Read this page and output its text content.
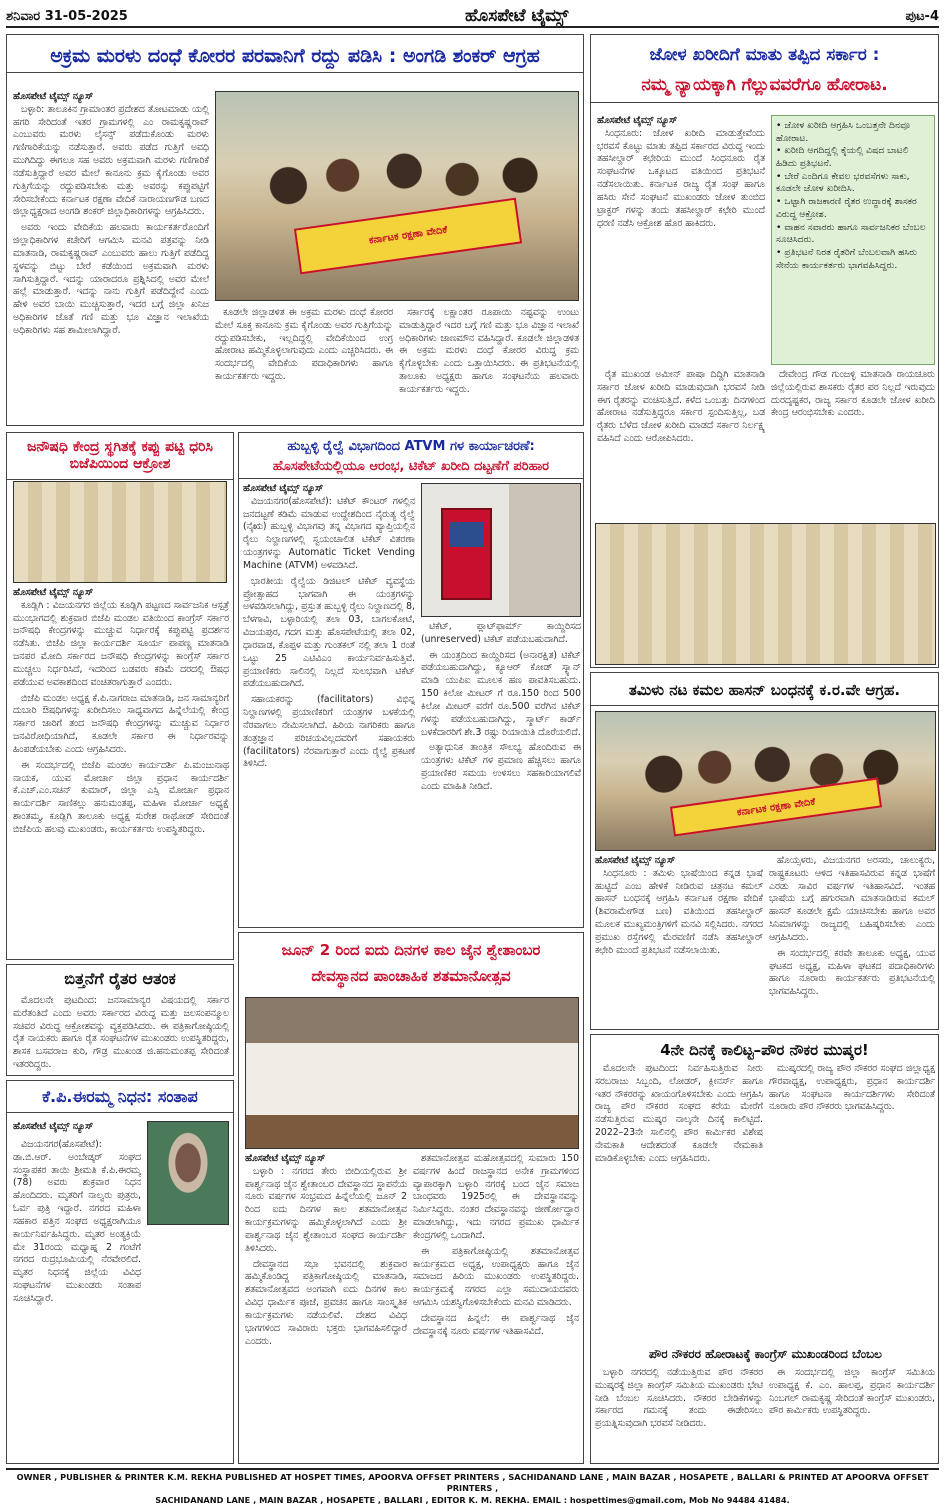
ಶನಿವಾರ 31-05-2025	ಹೊಸಪೇಟೆ ಟೈಮ್ಸ್	ಪುಟ-4
ಅಕ್ರಮ ಮರಳು ದಂಧೆ ಕೋರರ ಪರವಾನಿಗೆ ರದ್ದು ಪಡಿಸಿ : ಅಂಗಡಿ ಶಂಕರ್ ಆಗ್ರಹ
ಹೊಸಪೇಟೆ ಟೈಮ್ಸ್ ನ್ಯೂಸ್

ಬಳ್ಳಾರಿ: ತಾಲೂಕಿನ ಗ್ರಾಮಾಂತರ ಪ್ರದೇಶದ ತೋಟಮಾಡು ಯಲ್ಲಿ ಹಗರಿ ಸೇರಿದಂತೆ ಇತರ ಗ್ರಾಮಗಳಲ್ಲಿ ಎಂ ರಾಮಕೃಷ್ಣರಾವ್ ಎಂಬುವರು ಮರಳು ಲೈಸನ್ಸ್ ಪಡೆದುಕೊಂಡು ಮರಳು ಗಣಿಗಾರಿಕೆಯನ್ನು ನಡೆಸುತ್ತಾರೆ. ಅವರು ಪಡೆದ ಗುತ್ತಿಗೆ ಅವಧಿ ಮುಗಿದಿದ್ದು ಈಗಲೂ ಸಹ ಅವರು ಅಕ್ರಮವಾಗಿ ಮರಳು ಗಣಿಗಾರಿಕೆ ನಡೆಸುತ್ತಿದ್ದಾರೆ ಅವರ ಮೇಲೆ ಕಾನೂನು ಕ್ರಮ ಕೈಗೊಂಡು ಅವರ ಗುತ್ತಿಗೆಯನ್ನು ರದ್ದುಪಡಿಸಬೇಕು ಮತ್ತು ಅವರನ್ನು ಕಪ್ಪುಪಟ್ಟಿಗೆ ಸೇರಿಸಬೇಕೆಂದು ಕರ್ನಾಟಕ ರಕ್ಷಣಾ ವೇದಿಕೆ ನಾರಾಯಣಗೌಡ ಬಣದ ಜಿಲ್ಲಾಧ್ಯಕ್ಷರಾದ ಅಂಗಡಿ ಶಂಕರ್ ಜಿಲ್ಲಾಧಿಕಾರಿಗಳನ್ನು ಆಗ್ರಹಿಸಿದರು.

ಅವರು ಇಂದು ವೇದಿಕೆಯ ಹಲವಾರು ಕಾರ್ಯಕರ್ತರೊಂದಿಗೆ ಜಿಲ್ಲಾಧಿಕಾರಿಗಳ ಕಚೇರಿಗೆ ಆಗಮಿಸಿ ಮನವಿ ಪತ್ರವನ್ನು ನೀಡಿ ಮಾತನಾಡಿ, ರಾಮಕೃಷ್ಣರಾವ್ ಎಂಬುವರು ಹಾಲು ಗುತ್ತಿಗೆ ಪಡೆದಿದ್ದ ಸ್ಥಳವನ್ನು ಬಿಟ್ಟು ಬೇರೆ ಕಡೆಯಿಂದ ಅಕ್ರಮವಾಗಿ ಮರಳು ಸಾಗಿಸುತ್ತಿದ್ದಾರೆ. ಇದನ್ನು ಯಾರಾದರೂ ಪ್ರಶ್ನಿಸಿದಲ್ಲಿ ಅವರ ಮೇಲೆ ಹಲ್ಲೆ ಮಾಡುತ್ತಾರೆ. ಇದನ್ನು ನಾನು ಗುತ್ತಿಗೆ ಪಡೆದಿದ್ದೇನೆ ಎಂದು ಹೇಳಿ ಅವರ ಬಾಯಿ ಮುಚ್ಚಿಸುತ್ತಾರೆ, ಇದರ ಬಗ್ಗೆ ಜಿಲ್ಲಾ ಖನಿಜ ಅಧಿಕಾರಿಗಳ ಜೊತೆ ಗಣಿ ಮತ್ತು ಭೂ ವಿಜ್ಞಾನ ಇಲಾಖೆಯ ಅಧಿಕಾರಿಗಳು ಸಹ ಶಾಮೀಲಾಗಿದ್ದಾರೆ.

ಕರ್ನಾಟಕ ರಕ್ಷಣಾ ವೇದಿಕೆ

ಕೂಡಲೇ ಜಿಲ್ಲಾಡಳಿತ ಈ ಅಕ್ರಮ ಮರಳು ದಂಧೆ ಕೋರರ ಮೇಲೆ ಸೂಕ್ತ ಕಾನೂನು ಕ್ರಮ ಕೈಗೊಂಡು ಅವರ ಗುತ್ತಿಗೆಯನ್ನು ರದ್ದುಪಡಿಸಬೇಕು, ಇಲ್ಲದಿದ್ದಲ್ಲಿ ವೇದಿಕೆಯಿಂದ ಉಗ್ರ ಹೋರಾಟ ಹಮ್ಮಿಕೊಳ್ಳಲಾಗುವುದು ಎಂದು ಎಚ್ಚರಿಸಿದರು. ಈ ಸಂದರ್ಭದಲ್ಲಿ ವೇದಿಕೆಯ ಪದಾಧಿಕಾರಿಗಳು ಹಾಗೂ ಕಾರ್ಯಕರ್ತರು ಇದ್ದರು.

ಸರ್ಕಾರಕ್ಕೆ ಲಕ್ಷಾಂತರ ರೂಪಾಯಿ ನಷ್ಟವನ್ನು ಉಂಟು ಮಾಡುತ್ತಿದ್ದಾರೆ ಇದರ ಬಗ್ಗೆ ಗಣಿ ಮತ್ತು ಭೂ ವಿಜ್ಞಾನ ಇಲಾಖೆ ಅಧಿಕಾರಿಗಳು ಜಾಣಮೌನ ವಹಿಸಿದ್ದಾರೆ. ಕೂಡಲೇ ಜಿಲ್ಲಾಡಳಿತ ಈ ಅಕ್ರಮ ಮರಳು ದಂಧೆ ಕೋರರ ವಿರುದ್ಧ ಕ್ರಮ ಕೈಗೊಳ್ಳಬೇಕು ಎಂದು ಒತ್ತಾಯಿಸಿದರು. ಈ ಪ್ರತಿಭಟನೆಯಲ್ಲಿ ತಾಲೂಕು ಅಧ್ಯಕ್ಷರು ಹಾಗೂ ಸಂಘಟನೆಯ ಹಲವಾರು ಕಾರ್ಯಕರ್ತರು ಇದ್ದರು.

ಜೋಳ ಖರೀದಿಗೆ ಮಾತು ತಪ್ಪಿದ ಸರ್ಕಾರ :
ನಮ್ಮ ನ್ಯಾಯಕ್ಕಾಗಿ ಗೆಲ್ಲುವವರೆಗೂ ಹೋರಾಟ.
ಹೊಸಪೇಟೆ ಟೈಮ್ಸ್ ನ್ಯೂಸ್

ಸಿಂಧನೂರು: ಜೋಳ ಖರೀದಿ ಮಾಡುತ್ತೇವೆಂದು ಭರವಸೆ ಕೊಟ್ಟು ಮಾತು ತಪ್ಪಿದ ಸರ್ಕಾರದ ವಿರುದ್ಧ ಇಂದು ತಹಸೀಲ್ದಾರ್ ಕಛೇರಿಯ ಮುಂದೆ ಸಿಂಧನೂರು ರೈತ ಸಂಘಟನೆಗಳ ಒಕ್ಕೂಟದ ವತಿಯಿಂದ ಪ್ರತಿಭಟನೆ ನಡೆಸಲಾಯಿತು. ಕರ್ನಾಟಕ ರಾಜ್ಯ ರೈತ ಸಂಘ ಹಾಗೂ ಹಸಿರು ಸೇನೆ ಸಂಘಟನೆ ಮುಖಂಡರು ಜೋಳ ತುಂಬಿದ ಟ್ರಾಕ್ಟರ್ ಗಳನ್ನು ತಂದು ತಹಸೀಲ್ದಾರ್ ಕಛೇರಿ ಮುಂದೆ ಧರಣಿ ನಡೆಸಿ ಆಕ್ರೋಶ ಹೊರ ಹಾಕಿದರು.

• ಜೋಳ ಖರೀದಿ ಆಗ್ರಹಿಸಿ ಒಂಬತ್ತನೇ ದಿನವೂ ಹೋರಾಟ.
• ಖರೀದಿ ಆಗದಿದ್ದಲ್ಲಿ ಕೈಯಲ್ಲಿ ವಿಷದ ಬಾಟಲಿ ಹಿಡಿದು ಪ್ರತಿಭಟನೆ.
• ಬೇರೆ ಎಂದಿಗೂ ಕೇವಲ ಭರವಸೆಗಳು ಸಾಕು, ಕೂಡಲೇ ಜೋಳ ಖರೀದಿಸಿ.
• ಒಟ್ಟಾಗಿ ರಾಜಕಾರಣಿ ರೈತರ ಉದ್ಧಾರಕ್ಕೆ ಶಾಸಕರ ವಿರುದ್ಧ ಆಕ್ರೋಶ.
• ವಾಹನ ಸವಾರರು ಹಾಗೂ ಸಾರ್ವಜನಿಕರ ಬೆಂಬಲ ಸೂಚಿಸಿದರು.
• ಪ್ರತಿಭಟನೆ ನಿರತ ರೈತರಿಗೆ ಬೆಂಬಲವಾಗಿ ಹಸಿರು ಸೇನೆಯ ಕಾರ್ಯಕರ್ತರು ಭಾಗವಹಿಸಿದ್ದರು.

ರೈತ ಮುಖಂಡ ಅಮೀನ್ ಪಾಷಾ ದಿದ್ದಿಗಿ ಮಾತನಾಡಿ ಸರ್ಕಾರ ಜೋಳ ಖರೀದಿ ಮಾಡುವುದಾಗಿ ಭರವಸೆ ನೀಡಿ ಈಗ ರೈತರನ್ನು ವಂಚಿಸುತ್ತಿದೆ. ಕಳೆದ ಒಂಬತ್ತು ದಿನಗಳಿಂದ ಹೋರಾಟ ನಡೆಸುತ್ತಿದ್ದರೂ ಸರ್ಕಾರ ಸ್ಪಂದಿಸುತ್ತಿಲ್ಲ, ಬಡ ರೈತರು ಬೆಳೆದ ಜೋಳ ಖರೀದಿ ಮಾಡದೆ ಸರ್ಕಾರ ನಿರ್ಲಕ್ಷ್ಯ ವಹಿಸಿದೆ ಎಂದು ಆರೋಪಿಸಿದರು.

ದೇವೇಂದ್ರ ಗೌಡ ಗುಂಜಳ್ಳಿ ಮಾತನಾಡಿ ರಾಯಚೂರು ಜಿಲ್ಲೆಯಲ್ಲಿರುವ ಶಾಸಕರು ರೈತರ ಪರ ನಿಲ್ಲದೆ ಇರುವುದು ದುರದೃಷ್ಟಕರ, ರಾಜ್ಯ ಸರ್ಕಾರ ಕೂಡಲೇ ಜೋಳ ಖರೀದಿ ಕೇಂದ್ರ ಆರಂಭಿಸಬೇಕು ಎಂದರು.

ಜನೌಷಧಿ ಕೇಂದ್ರ ಸ್ಥಗಿತಕ್ಕೆ ಕಪ್ಪು ಪಟ್ಟಿ ಧರಿಸಿ ಬಿಜೆಪಿಯಿಂದ ಆಕ್ರೋಶ
ಹೊಸಪೇಟೆ ಟೈಮ್ಸ್ ನ್ಯೂಸ್

ಕೂಡ್ಲಿಗಿ : ವಿಜಯನಗರ ಜಿಲ್ಲೆಯ ಕೂಡ್ಲಿಗಿ ಪಟ್ಟಣದ ಸಾರ್ವಜನಿಕ ಆಸ್ಪತ್ರೆ ಮುಂಭಾಗದಲ್ಲಿ ಶುಕ್ರವಾರ ಬಿಜೆಪಿ ಮಂಡಲ ವತಿಯಿಂದ ಕಾಂಗ್ರೆಸ್ ಸರ್ಕಾರ ಜನೌಷಧಿ ಕೇಂದ್ರಗಳನ್ನು ಮುಚ್ಚುವ ನಿರ್ಧಾರಕ್ಕೆ ಕಪ್ಪುಪಟ್ಟಿ ಪ್ರದರ್ಶನ ನಡೆಸಿತು. ಬಿಜೆಪಿ ಜಿಲ್ಲಾ ಕಾರ್ಯದರ್ಶಿ ಸೂರ್ಯ ಪಾಪಣ್ಣ ಮಾತನಾಡಿ ಜನಪರ ಮೋದಿ ಸರ್ಕಾರದ ಜನೌಷಧಿ ಕೇಂದ್ರಗಳನ್ನು ಕಾಂಗ್ರೆಸ್ ಸರ್ಕಾರ ಮುಚ್ಚಲು ನಿರ್ಧರಿಸಿದೆ, ಇದರಿಂದ ಬಡವರು ಕಡಿಮೆ ದರದಲ್ಲಿ ಔಷಧ ಪಡೆಯುವ ಅವಕಾಶದಿಂದ ವಂಚಿತರಾಗುತ್ತಾರೆ ಎಂದರು.

ಬಿಜೆಪಿ ಮಂಡಲ ಅಧ್ಯಕ್ಷ ಕೆ.ಪಿ.ನಾಗರಾಜ ಮಾತನಾಡಿ, ಜನ ಸಾಮಾನ್ಯರಿಗೆ ದುಬಾರಿ ಔಷಧಿಗಳನ್ನು ಖರೀದಿಸಲು ಸಾಧ್ಯವಾಗದ ಹಿನ್ನೆಲೆಯಲ್ಲಿ ಕೇಂದ್ರ ಸರ್ಕಾರ ಜಾರಿಗೆ ತಂದ ಜನೌಷಧಿ ಕೇಂದ್ರಗಳನ್ನು ಮುಚ್ಚುವ ನಿರ್ಧಾರ ಜನವಿರೋಧಿಯಾಗಿದೆ, ಕೂಡಲೇ ಸರ್ಕಾರ ಈ ನಿರ್ಧಾರವನ್ನು ಹಿಂಪಡೆಯಬೇಕು ಎಂದು ಆಗ್ರಹಿಸಿದರು.

ಈ ಸಂದರ್ಭದಲ್ಲಿ ಬಿಜೆಪಿ ಮಂಡಲ ಕಾರ್ಯದರ್ಶಿ ಪಿ.ಮಂಜುನಾಥ ನಾಯಕ, ಯುವ ಮೋರ್ಚಾ ಜಿಲ್ಲಾ ಪ್ರಧಾನ ಕಾರ್ಯದರ್ಶಿ ಕೆ.ಎಚ್.ಎಂ.ಸಚಿನ್ ಕುಮಾರ್, ಜಿಲ್ಲಾ ಎಸ್ಸಿ ಮೋರ್ಚಾ ಪ್ರಧಾನ ಕಾರ್ಯದರ್ಶಿ ಸಾಣಿಕಲ್ಲು ಹನುಮಂತಪ್ಪ, ಮಹಿಳಾ ಮೋರ್ಚಾ ಅಧ್ಯಕ್ಷೆ ಶಾಂತಮ್ಮ, ಕೂಡ್ಲಿಗಿ ತಾಲೂಕು ಅಧ್ಯಕ್ಷ ಸುರೇಶ ರಾಥೋಡ್ ಸೇರಿದಂತೆ ಬಿಜೆಪಿಯ ಹಲವು ಮುಖಂಡರು, ಕಾರ್ಯಕರ್ತರು ಉಪಸ್ಥಿತರಿದ್ದರು.

ಹುಬ್ಬಳ್ಳಿ ರೈಲ್ವೆ ವಿಭಾಗದಿಂದ ATVM ಗಳ ಕಾರ್ಯಾಚರಣೆ:
ಹೊಸಪೇಟೆಯಲ್ಲಿಯೂ ಆರಂಭ, ಟಿಕೆಟ್ ಖರೀದಿ ದಟ್ಟಣೆಗೆ ಪರಿಹಾರ
ಹೊಸಪೇಟೆ ಟೈಮ್ಸ್ ನ್ಯೂಸ್

ವಿಜಯನಗರ(ಹೊಸಪೇಟೆ): ಟಿಕೆಟ್ ಕೌಂಟರ್ ಗಳಲ್ಲಿನ ಜನದಟ್ಟಣೆ ಕಡಿಮೆ ಮಾಡುವ ಉದ್ದೇಶದಿಂದ ನೈರುತ್ಯ ರೈಲ್ವೆ (ನೈಋ) ಹುಬ್ಬಳ್ಳಿ ವಿಭಾಗವು ತನ್ನ ವಿಭಾಗದ ವ್ಯಾಪ್ತಿಯಲ್ಲಿನ ರೈಲು ನಿಲ್ದಾಣಗಳಲ್ಲಿ ಸ್ವಯಂಚಾಲಿತ ಟಿಕೆಟ್ ವಿತರಣಾ ಯಂತ್ರಗಳನ್ನು Automatic Ticket Vending Machine (ATVM) ಅಳವಡಿಸಿದೆ.

ಭಾರತೀಯ ರೈಲ್ವೆಯ ಡಿಜಿಟಲ್ ಟಿಕೆಟ್ ವ್ಯವಸ್ಥೆಯ ಪ್ರೋತ್ಸಾಹದ ಭಾಗವಾಗಿ ಈ ಯಂತ್ರಗಳನ್ನು ಅಳವಡಿಸಲಾಗಿದ್ದು, ಪ್ರಸ್ತುತ ಹುಬ್ಬಳ್ಳಿ ರೈಲು ನಿಲ್ದಾಣದಲ್ಲಿ 8, ಬೆಳಗಾವಿ, ಬಳ್ಳಾರಿಯಲ್ಲಿ ತಲಾ 03, ಬಾಗಲಕೋಟೆ, ವಿಜಯಪುರ, ಗದಗ ಮತ್ತು ಹೊಸಪೇಟೆಯಲ್ಲಿ ತಲಾ 02, ಧಾರವಾಡ, ಕೊಪ್ಪಳ ಮತ್ತು ಗುಂತಕಲ್ ನಲ್ಲಿ ತಲಾ 1 ರಂತೆ ಒಟ್ಟು 25 ಎಟಿವಿಎಂ ಕಾರ್ಯನಿರ್ವಹಿಸುತ್ತಿವೆ. ಪ್ರಯಾಣಿಕರು ಸಾಲಿನಲ್ಲಿ ನಿಲ್ಲದೆ ಸುಲಭವಾಗಿ ಟಿಕೆಟ್ ಪಡೆಯಬಹುದಾಗಿದೆ.

ಸಹಾಯಕರನ್ನು (facilitators) ವಿಭಿನ್ನ ನಿಲ್ದಾಣಗಳಲ್ಲಿ ಪ್ರಯಾಣಿಕರಿಗೆ ಯಂತ್ರಗಳ ಬಳಕೆಯಲ್ಲಿ ನೆರವಾಗಲು ನೇಮಿಸಲಾಗಿದೆ. ಹಿರಿಯ ನಾಗರಿಕರು ಹಾಗೂ ತಂತ್ರಜ್ಞಾನ ಪರಿಚಯವಿಲ್ಲದವರಿಗೆ ಸಹಾಯಕರು (facilitators) ನೆರವಾಗುತ್ತಾರೆ ಎಂದು ರೈಲ್ವೆ ಪ್ರಕಟಣೆ ತಿಳಿಸಿದೆ.

ಟಿಕೆಟ್, ಪ್ಲಾಟ್‌ಫಾರ್ಮ್ ಕಾಯ್ದಿರಿಸದ (unreserved) ಟಿಕೆಟ್ ಪಡೆಯಬಹುದಾಗಿದೆ.

ಈ ಯಂತ್ರದಿಂದ ಕಾಯ್ದಿರಿಸದ (ಅನಾರಕ್ಷಿತ) ಟಿಕೆಟ್ ಪಡೆಯಬಹುದಾಗಿದ್ದು, ಕ್ಯೂಆರ್ ಕೋಡ್ ಸ್ಕ್ಯಾನ್ ಮಾಡಿ ಯುಪಿಐ ಮೂಲಕ ಹಣ ಪಾವತಿಸಬಹುದು. 150 ಕಿಲೋ ಮೀಟರ್ ಗೆ ರೂ.150 ರಿಂದ 500 ಕಿಲೋ ಮೀಟರ್ ವರೆಗೆ ರೂ.500 ವರೆಗಿನ ಟಿಕೆಟ್ ಗಳನ್ನು ಪಡೆಯಬಹುದಾಗಿದ್ದು, ಸ್ಮಾರ್ಟ್ ಕಾರ್ಡ್ ಬಳಕೆದಾರರಿಗೆ ಶೇ.3 ರಷ್ಟು ರಿಯಾಯಿತಿ ದೊರೆಯಲಿದೆ.

ಅತ್ಯಾಧುನಿಕ ತಾಂತ್ರಿಕ ಸೌಲಭ್ಯ ಹೊಂದಿರುವ ಈ ಯಂತ್ರಗಳು ಟಿಕೆಟ್ ಗಳ ಪ್ರಮಾಣ ಹೆಚ್ಚಿಸಲು ಹಾಗೂ ಪ್ರಯಾಣಿಕರ ಸಮಯ ಉಳಿಸಲು ಸಹಕಾರಿಯಾಗಲಿವೆ ಎಂದು ಮಾಹಿತಿ ನೀಡಿದೆ.

ಜೂನ್ 2 ರಿಂದ ಐದು ದಿನಗಳ ಕಾಲ ಜೈನ ಶ್ವೇತಾಂಬರ
ದೇವಸ್ಥಾನದ ಪಾಂಚಾಹಿಕ ಶತಮಾನೋತ್ಸವ
ಹೊಸಪೇಟೆ ಟೈಮ್ಸ್ ನ್ಯೂಸ್

ಬಳ್ಳಾರಿ : ನಗರದ ತೇರು ಬೀದಿಯಲ್ಲಿರುವ ಶ್ರೀ ಪಾರ್ಶ್ವನಾಥ ಜೈನ ಶ್ವೇತಾಂಬರ ದೇವಸ್ಥಾನದ ಸ್ಥಾಪನೆಯ ನೂರು ವರ್ಷಗಳ ಸಂಭ್ರಮದ ಹಿನ್ನೆಲೆಯಲ್ಲಿ ಜೂನ್ 2 ರಿಂದ ಐದು ದಿನಗಳ ಕಾಲ ಶತಮಾನೋತ್ಸವ ಕಾರ್ಯಕ್ರಮಗಳನ್ನು ಹಮ್ಮಿಕೊಳ್ಳಲಾಗಿದೆ ಎಂದು ಶ್ರೀ ಪಾರ್ಶ್ವನಾಥ ಜೈನ ಶ್ವೇತಾಂಬರ ಸಂಘದ ಕಾರ್ಯದರ್ಶಿ ತಿಳಿಸಿದರು.

ದೇವಸ್ಥಾನದ ಸಭಾ ಭವನದಲ್ಲಿ ಶುಕ್ರವಾರ ಹಮ್ಮಿಕೊಂಡಿದ್ದ ಪತ್ರಿಕಾಗೋಷ್ಠಿಯಲ್ಲಿ ಮಾತನಾಡಿ, ಶತಮಾನೋತ್ಸವದ ಅಂಗವಾಗಿ ಐದು ದಿನಗಳ ಕಾಲ ವಿವಿಧ ಧಾರ್ಮಿಕ ಪೂಜೆ, ಪ್ರವಚನ ಹಾಗೂ ಸಾಂಸ್ಕೃತಿಕ ಕಾರ್ಯಕ್ರಮಗಳು ನಡೆಯಲಿವೆ. ದೇಶದ ವಿವಿಧ ಭಾಗಗಳಿಂದ ಸಾವಿರಾರು ಭಕ್ತರು ಭಾಗವಹಿಸಲಿದ್ದಾರೆ ಎಂದರು.

ಶತಮಾನೋತ್ಸವ ಮಹೋತ್ಸವದಲ್ಲಿ ಸುಮಾರು 150 ವರ್ಷಗಳ ಹಿಂದೆ ರಾಜಸ್ಥಾನದ ಅನೇಕ ಗ್ರಾಮಗಳಿಂದ ವ್ಯಾಪಾರಕ್ಕಾಗಿ ಬಳ್ಳಾರಿ ನಗರಕ್ಕೆ ಬಂದ ಜೈನ ಸಮಾಜ ಬಾಂಧವರು 1925ರಲ್ಲಿ ಈ ದೇವಸ್ಥಾನವನ್ನು ನಿರ್ಮಿಸಿದ್ದರು. ನಂತರ ದೇವಸ್ಥಾನವನ್ನು ಜೀರ್ಣೋದ್ಧಾರ ಮಾಡಲಾಗಿದ್ದು, ಇದು ನಗರದ ಪ್ರಮುಖ ಧಾರ್ಮಿಕ ಕೇಂದ್ರಗಳಲ್ಲಿ ಒಂದಾಗಿದೆ.

ಈ ಪತ್ರಿಕಾಗೋಷ್ಠಿಯಲ್ಲಿ ಶತಮಾನೋತ್ಸವ ಕಾರ್ಯಕ್ರಮದ ಅಧ್ಯಕ್ಷ, ಉಪಾಧ್ಯಕ್ಷರು ಹಾಗೂ ಜೈನ ಸಮಾಜದ ಹಿರಿಯ ಮುಖಂಡರು ಉಪಸ್ಥಿತರಿದ್ದರು. ಕಾರ್ಯಕ್ರಮಕ್ಕೆ ನಗರದ ಎಲ್ಲಾ ಸಮುದಾಯದವರು ಆಗಮಿಸಿ ಯಶಸ್ವಿಗೊಳಿಸಬೇಕೆಂದು ಮನವಿ ಮಾಡಿದರು.

ದೇವಸ್ಥಾನದ ಹಿನ್ನಲೆ: ಈ ಪಾರ್ಶ್ವನಾಥ ಜೈನ ದೇವಸ್ಥಾನಕ್ಕೆ ನೂರು ವರ್ಷಗಳ ಇತಿಹಾಸವಿದೆ.

ಬಿತ್ತನೆಗೆ ರೈತರ ಆತಂಕ

ಮೊದಲನೇ ಪುಟದಿಂದ: ಜನಸಾಮಾನ್ಯರ ವಿಷಯದಲ್ಲಿ ಸರ್ಕಾರ ಮರೆತಂತಿದೆ ಎಂದು ಅವರು ಸರ್ಕಾರದ ವಿರುದ್ಧ ಮತ್ತು ಜಲಸಂಪನ್ಮೂಲ ಸಚಿವರ ವಿರುದ್ಧ ಆಕ್ರೋಶವನ್ನು ವ್ಯಕ್ತಪಡಿಸಿದರು. ಈ ಪತ್ರಿಕಾಗೋಷ್ಠಿಯಲ್ಲಿ ರೈತ ನಾಯಕರು ಹಾಗೂ ರೈತ ಸಂಘಟನೆಗಳ ಮುಖಂಡರು ಉಪಸ್ಥಿತರಿದ್ದರು, ಶಾಸಕ ಬಸವರಾಜ ಕುರಿ, ಗೌಡ್ರ ಮುಖಂಡ ಜಿ.ಹನುಮಂತಪ್ಪ ಸೇರಿದಂತೆ ಇತರರಿದ್ದರು.

ಕೆ.ಪಿ.ಈರಮ್ಮ ನಿಧನ: ಸಂತಾಪ
ಹೊಸಪೇಟೆ ಟೈಮ್ಸ್ ನ್ಯೂಸ್

ವಿಜಯನಗರ(ಹೊಸಪೇಟೆ): ಡಾ.ಬಿ.ಆರ್. ಅಂಬೇಡ್ಕರ್ ಸಂಘದ ಸಂಸ್ಥಾಪಕರ ತಾಯಿ ಶ್ರೀಮತಿ ಕೆ.ಪಿ.ಈರಮ್ಮ (78) ಅವರು ಶುಕ್ರವಾರ ನಿಧನ ಹೊಂದಿದರು. ಮೃತರಿಗೆ ನಾಲ್ವರು ಪುತ್ರರು, ಓರ್ವ ಪುತ್ರಿ ಇದ್ದಾರೆ. ನಗರದ ಮಹಿಳಾ ಸಹಕಾರ ಪತ್ತಿನ ಸಂಘದ ಅಧ್ಯಕ್ಷರಾಗಿಯೂ ಕಾರ್ಯನಿರ್ವಹಿಸಿದ್ದರು. ಮೃತರ ಅಂತ್ಯಕ್ರಿಯೆ ಮೇ 31ರಂದು ಮಧ್ಯಾಹ್ನ 2 ಗಂಟೆಗೆ ನಗರದ ರುದ್ರಭೂಮಿಯಲ್ಲಿ ನೆರವೇರಲಿದೆ. ಮೃತರ ನಿಧನಕ್ಕೆ ಜಿಲ್ಲೆಯ ವಿವಿಧ ಸಂಘಟನೆಗಳ ಮುಖಂಡರು ಸಂತಾಪ ಸೂಚಿಸಿದ್ದಾರೆ.

ತಮಿಳು ನಟ ಕಮಲ ಹಾಸನ್ ಬಂಧನಕ್ಕೆ ಕ.ರ.ವೇ ಆಗ್ರಹ.
ಕರ್ನಾಟಕ ರಕ್ಷಣಾ ವೇದಿಕೆ
ಹೊಸಪೇಟೆ ಟೈಮ್ಸ್ ನ್ಯೂಸ್

ಸಿಂಧನೂರು : ತಮಿಳು ಭಾಷೆಯಿಂದ ಕನ್ನಡ ಭಾಷೆ ಹುಟ್ಟಿದೆ ಎಂಬ ಹೇಳಿಕೆ ನೀಡಿರುವ ಚಿತ್ರನಟ ಕಮಲ್ ಹಾಸನ್ ಬಂಧನಕ್ಕೆ ಆಗ್ರಹಿಸಿ ಕರ್ನಾಟಕ ರಕ್ಷಣಾ ವೇದಿಕೆ (ಶಿವರಾಮೇಗೌಡ ಬಣ) ವತಿಯಿಂದ ತಹಸೀಲ್ದಾರ್ ಮೂಲಕ ಮುಖ್ಯಮಂತ್ರಿಗಳಿಗೆ ಮನವಿ ಸಲ್ಲಿಸಿದರು. ನಗರದ ಪ್ರಮುಖ ರಸ್ತೆಗಳಲ್ಲಿ ಮೆರವಣಿಗೆ ನಡೆಸಿ ತಹಸೀಲ್ದಾರ್ ಕಛೇರಿ ಮುಂದೆ ಪ್ರತಿಭಟನೆ ನಡೆಸಲಾಯಿತು.

ಹೊಯ್ಸಳರು, ವಿಜಯನಗರ ಅರಸರು, ಚಾಲುಕ್ಯರು, ರಾಷ್ಟ್ರಕೂಟರು ಆಳಿದ ಇತಿಹಾಸವಿರುವ ಕನ್ನಡ ಭಾಷೆಗೆ ಎರಡು ಸಾವಿರ ವರ್ಷಗಳ ಇತಿಹಾಸವಿದೆ. ಇಂತಹ ಭಾಷೆಯ ಬಗ್ಗೆ ಹಗುರವಾಗಿ ಮಾತನಾಡಿರುವ ಕಮಲ್ ಹಾಸನ್ ಕೂಡಲೇ ಕ್ಷಮೆ ಯಾಚಿಸಬೇಕು ಹಾಗೂ ಅವರ ಸಿನಿಮಾಗಳನ್ನು ರಾಜ್ಯದಲ್ಲಿ ಬಹಿಷ್ಕರಿಸಬೇಕು ಎಂದು ಆಗ್ರಹಿಸಿದರು.

ಈ ಸಂದರ್ಭದಲ್ಲಿ ಕರವೇ ತಾಲೂಕು ಅಧ್ಯಕ್ಷ, ಯುವ ಘಟಕದ ಅಧ್ಯಕ್ಷ, ಮಹಿಳಾ ಘಟಕದ ಪದಾಧಿಕಾರಿಗಳು ಹಾಗೂ ನೂರಾರು ಕಾರ್ಯಕರ್ತರು ಪ್ರತಿಭಟನೆಯಲ್ಲಿ ಭಾಗವಹಿಸಿದ್ದರು.

4ನೇ ದಿನಕ್ಕೆ ಕಾಲಿಟ್ಟ–ಪೌರ ನೌಕರ ಮುಷ್ಕರ!

ಮೊದಲನೇ ಪುಟದಿಂದ: ನಿರ್ವಹಿಸುತ್ತಿರುವ ನೀರು ಸರಬರಾಜು ಸಿಬ್ಬಂದಿ, ಲೋಡರ್, ಕ್ಲೀನರ್ಸ್ ಹಾಗೂ ಇತರ ನೌಕರರನ್ನು ಖಾಯಂಗೊಳಿಸಬೇಕು ಎಂದು ಆಗ್ರಹಿಸಿ ರಾಜ್ಯ ಪೌರ ನೌಕರರ ಸಂಘದ ಕರೆಯ ಮೇರೆಗೆ ನಡೆಸುತ್ತಿರುವ ಮುಷ್ಕರ ನಾಲ್ಕನೇ ದಿನಕ್ಕೆ ಕಾಲಿಟ್ಟಿದೆ. 2022–23ನೇ ಸಾಲಿನಲ್ಲಿ ಪೌರ ಕಾರ್ಮಿಕರ ವಿಶೇಷ ನೇಮಕಾತಿ ಆದೇಶದಂತೆ ಕೂಡಲೇ ನೇಮಕಾತಿ ಮಾಡಿಕೊಳ್ಳಬೇಕು ಎಂದು ಆಗ್ರಹಿಸಿದರು.

ಮುಷ್ಕರದಲ್ಲಿ ರಾಜ್ಯ ಪೌರ ನೌಕರರ ಸಂಘದ ಜಿಲ್ಲಾಧ್ಯಕ್ಷ ಗೌರವಾಧ್ಯಕ್ಷ, ಉಪಾಧ್ಯಕ್ಷರು, ಪ್ರಧಾನ ಕಾರ್ಯದರ್ಶಿ ಹಾಗೂ ಸಂಘಟನಾ ಕಾರ್ಯದರ್ಶಿಗಳು ಸೇರಿದಂತೆ ನೂರಾರು ಪೌರ ನೌಕರರು ಭಾಗವಹಿಸಿದ್ದರು.

ಪೌರ ನೌಕರರ ಹೋರಾಟಕ್ಕೆ ಕಾಂಗ್ರೆಸ್ ಮುಖಂಡರಿಂದ ಬೆಂಬಲ

ಬಳ್ಳಾರಿ ನಗರದಲ್ಲಿ ನಡೆಯುತ್ತಿರುವ ಪೌರ ನೌಕರರ ಮುಷ್ಕರಕ್ಕೆ ಜಿಲ್ಲಾ ಕಾಂಗ್ರೆಸ್ ಸಮಿತಿಯ ಮುಖಂಡರು ಭೇಟಿ ನೀಡಿ ಬೆಂಬಲ ಸೂಚಿಸಿದರು. ನೌಕರರ ಬೇಡಿಕೆಗಳನ್ನು ಸರ್ಕಾರದ ಗಮನಕ್ಕೆ ತಂದು ಈಡೇರಿಸಲು ಪ್ರಯತ್ನಿಸುವುದಾಗಿ ಭರವಸೆ ನೀಡಿದರು.

ಈ ಸಂದರ್ಭದಲ್ಲಿ ಜಿಲ್ಲಾ ಕಾಂಗ್ರೆಸ್ ಸಮಿತಿಯ ಉಪಾಧ್ಯಕ್ಷ ಕೆ. ಎಂ. ಹಾಲಪ್ಪ, ಪ್ರಧಾನ ಕಾರ್ಯದರ್ಶಿ ನಿಂಬಗಲ್ ರಾಮಕೃಷ್ಣ ಸೇರಿದಂತೆ ಕಾಂಗ್ರೆಸ್ ಮುಖಂಡರು, ಪೌರ ಕಾರ್ಮಿಕರು ಉಪಸ್ಥಿತರಿದ್ದರು.

OWNER , PUBLISHER & PRINTER K.M. REKHA PUBLISHED AT HOSPET TIMES, APOORVA OFFSET PRINTERS , SACHIDANAND LANE , MAIN BAZAR , HOSAPETE , BALLARI & PRINTED AT APOORVA OFFSET PRINTERS ,
SACHIDANAND LANE , MAIN BAZAR , HOSAPETE , BALLARI , EDITOR K. M. REKHA. EMAIL : hospettimes@gmail.com, Mob No 94484 41484.
